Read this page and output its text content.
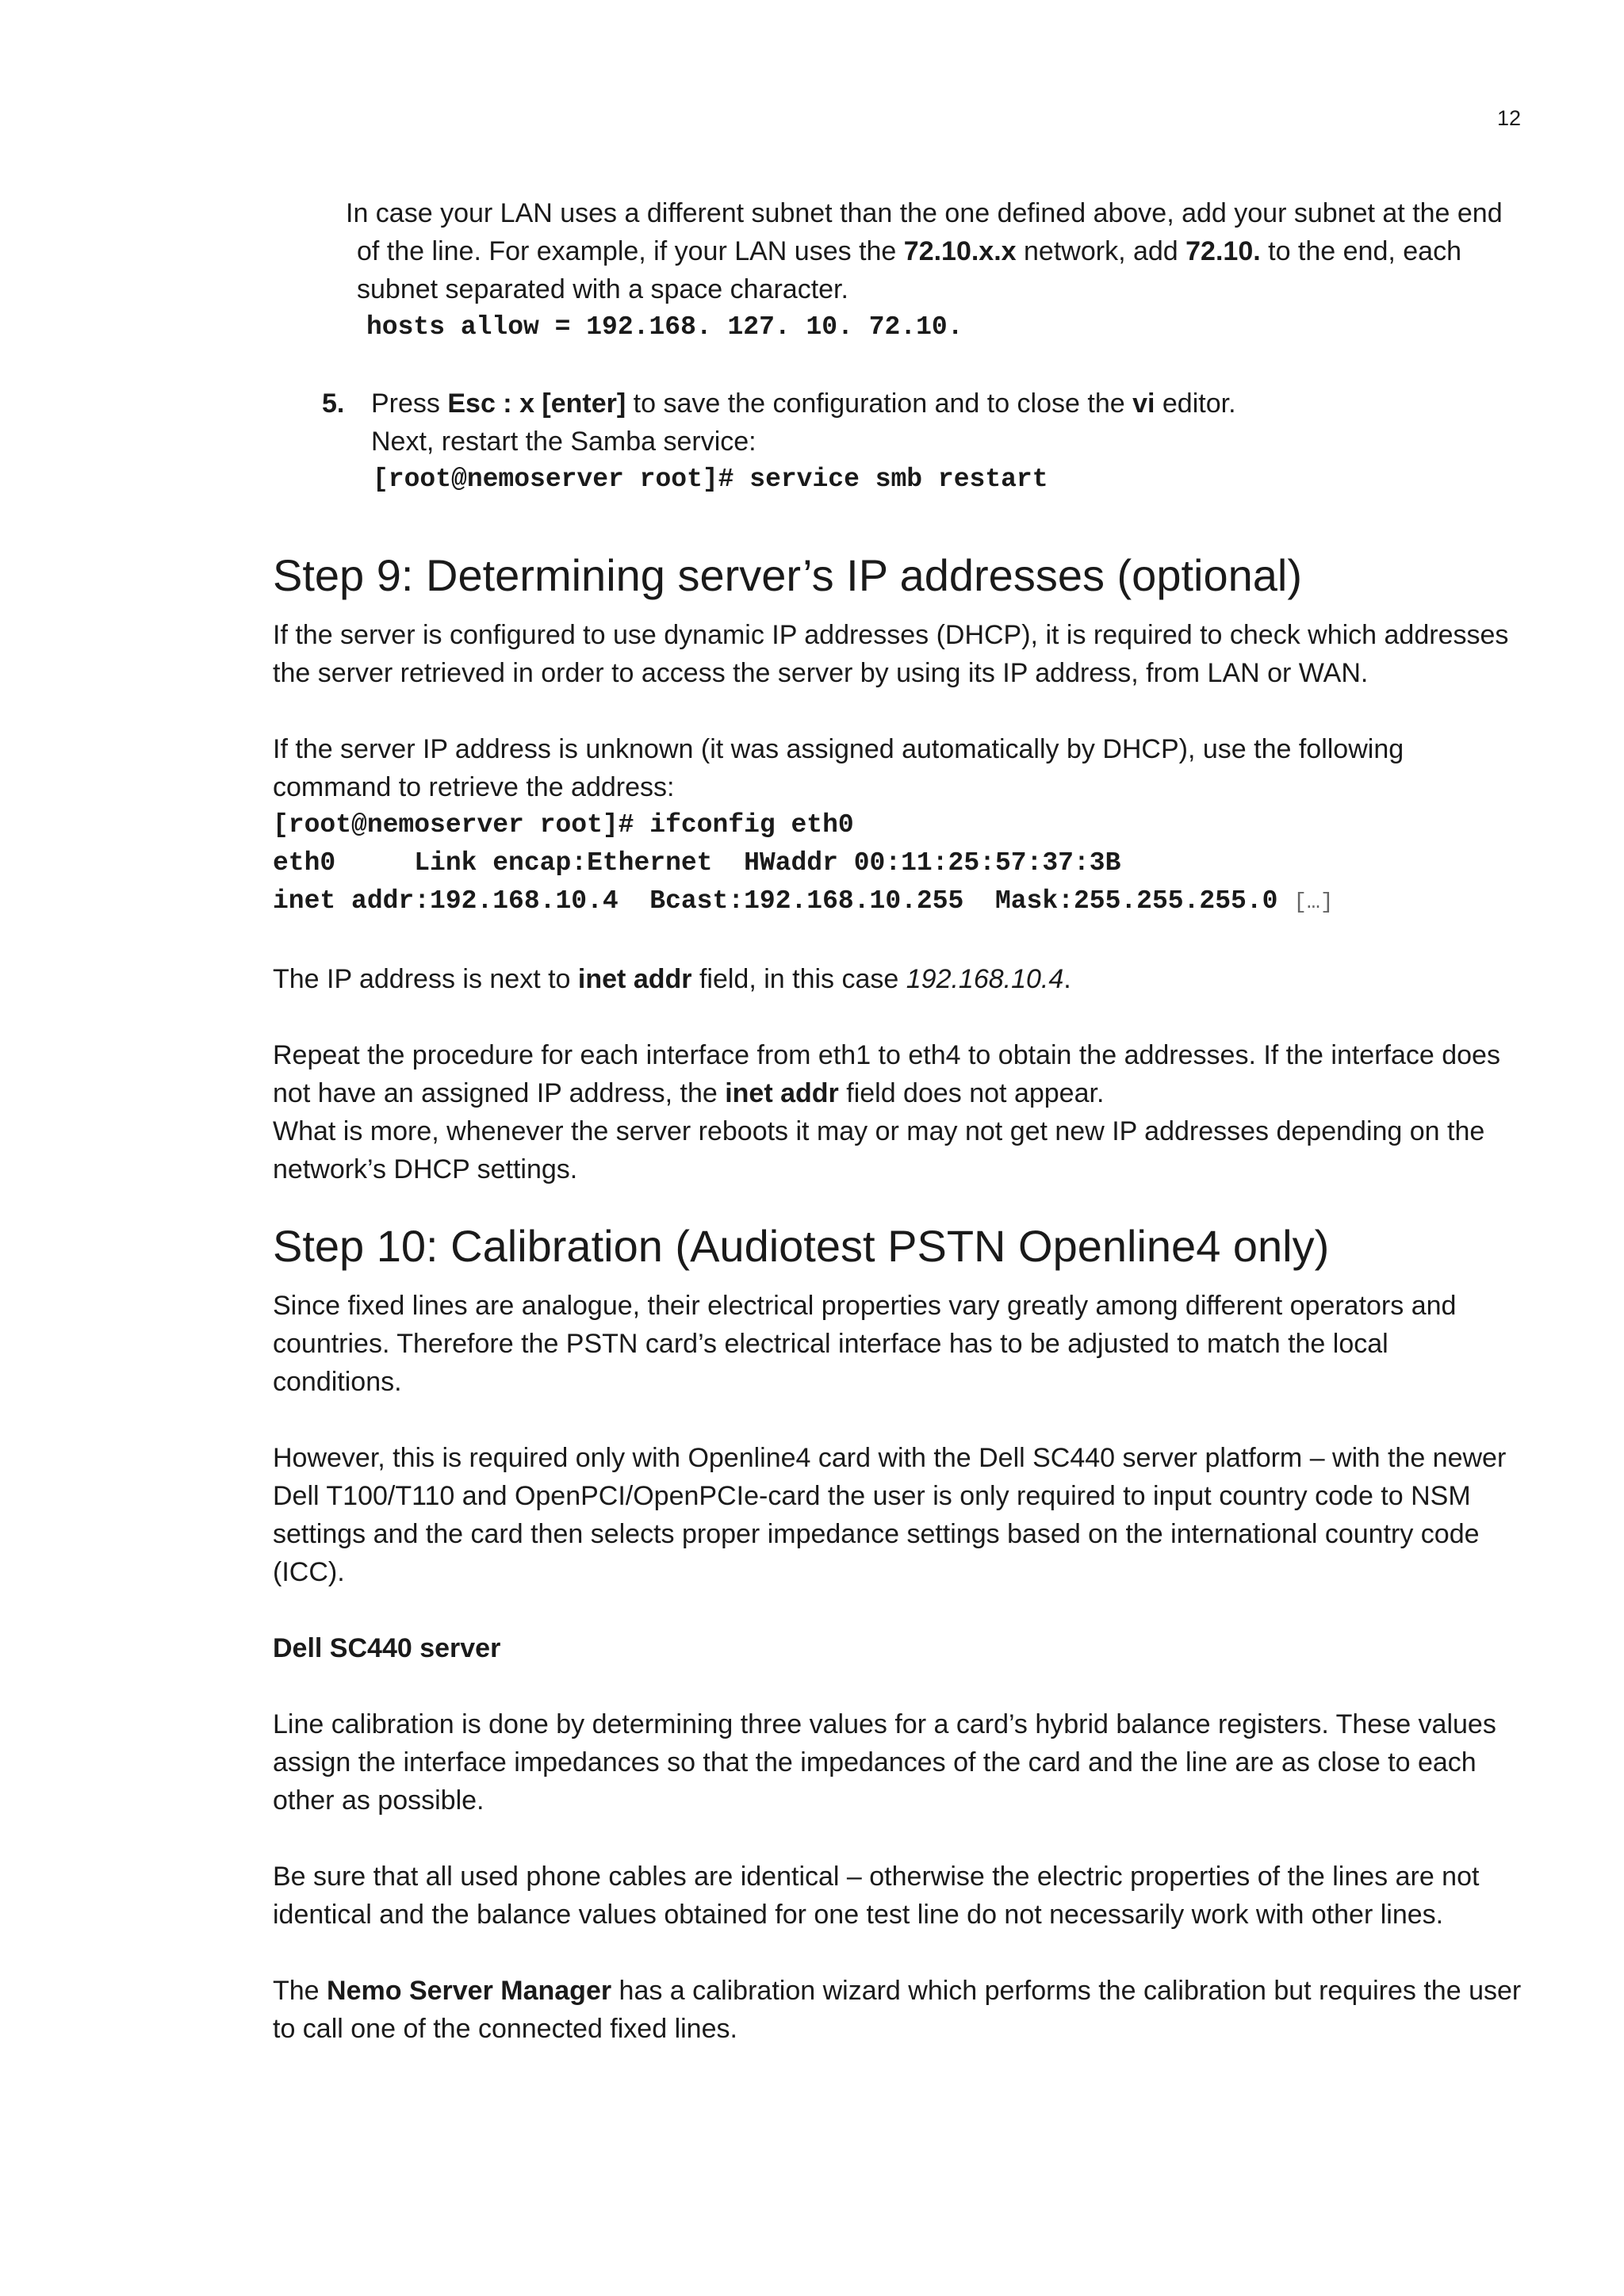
12

In case your LAN uses a different subnet than the one defined above, add your subnet at the end of the line. For example, if your LAN uses the 72.10.x.x network, add 72.10. to the end, each subnet separated with a space character.

hosts allow = 192.168. 127. 10. 72.10.

5. Press Esc : x [enter] to save the configuration and to close the vi editor.

Next, restart the Samba service:

[root@nemoserver root]# service smb restart
Step 9: Determining server’s IP addresses (optional)

If the server is configured to use dynamic IP addresses (DHCP), it is required to check which addresses the server retrieved in order to access the server by using its IP address, from LAN or WAN.

If the server IP address is unknown (it was assigned automatically by DHCP), use the following command to retrieve the address:

[root@nemoserver root]# ifconfig eth0
eth0     Link encap:Ethernet  HWaddr 00:11:25:57:37:3B
inet addr:192.168.10.4  Bcast:192.168.10.255  Mask:255.255.255.0 […]

The IP address is next to inet addr field, in this case 192.168.10.4.

Repeat the procedure for each interface from eth1 to eth4 to obtain the addresses. If the interface does not have an assigned IP address, the inet addr field does not appear.

What is more, whenever the server reboots it may or may not get new IP addresses depending on the network’s DHCP settings.

Step 10: Calibration (Audiotest PSTN Openline4 only)

Since fixed lines are analogue, their electrical properties vary greatly among different operators and countries. Therefore the PSTN card’s electrical interface has to be adjusted to match the local conditions.

However, this is required only with Openline4 card with the Dell SC440 server platform – with the newer Dell T100/T110 and OpenPCI/OpenPCIe-card the user is only required to input country code to NSM settings and the card then selects proper impedance settings based on the international country code (ICC).

Dell SC440 server

Line calibration is done by determining three values for a card’s hybrid balance registers. These values assign the interface impedances so that the impedances of the card and the line are as close to each other as possible.

Be sure that all used phone cables are identical – otherwise the electric properties of the lines are not identical and the balance values obtained for one test line do not necessarily work with other lines.

The Nemo Server Manager has a calibration wizard which performs the calibration but requires the user to call one of the connected fixed lines.
